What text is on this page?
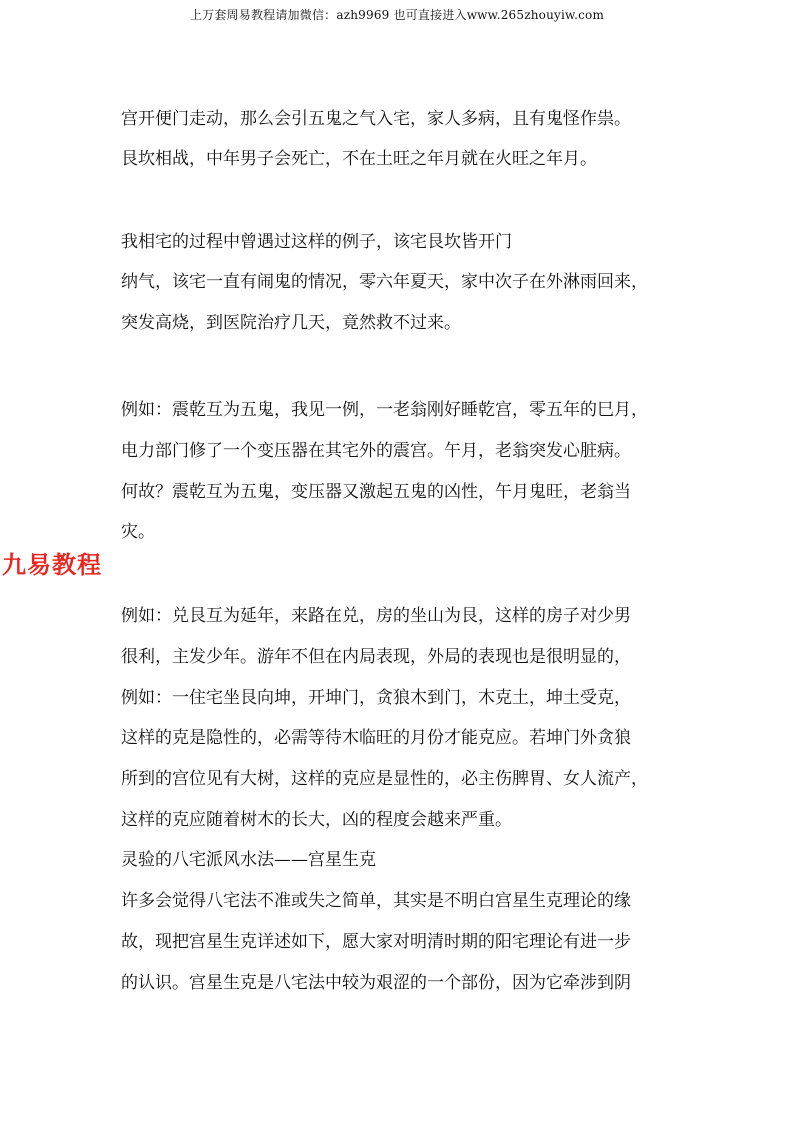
上万套周易教程请加微信：azh9969 也可直接进入www.265zhouyiw.com
九易教程
宫开便门走动，那么会引五鬼之气入宅，家人多病，且有鬼怪作祟。
艮坎相战，中年男子会死亡，不在土旺之年月就在火旺之年月。
我相宅的过程中曾遇过这样的例子，该宅艮坎皆开门
纳气，该宅一直有闹鬼的情况，零六年夏天，家中次子在外淋雨回来，
突发高烧，到医院治疗几天，竟然救不过来。
例如：震乾互为五鬼，我见一例，一老翁刚好睡乾宫，零五年的巳月，
电力部门修了一个变压器在其宅外的震宫。午月，老翁突发心脏病。
何故？震乾互为五鬼，变压器又激起五鬼的凶性，午月鬼旺，老翁当
灾。
例如：兑艮互为延年，来路在兑，房的坐山为艮，这样的房子对少男
很利，主发少年。游年不但在内局表现，外局的表现也是很明显的，
例如：一住宅坐艮向坤，开坤门，贪狼木到门，木克土，坤土受克，
这样的克是隐性的，必需等待木临旺的月份才能克应。若坤门外贪狼
所到的宫位见有大树，这样的克应是显性的，必主伤脾胃、女人流产，
这样的克应随着树木的长大，凶的程度会越来严重。
灵验的八宅派风水法——宫星生克
许多会觉得八宅法不准或失之简单，其实是不明白宫星生克理论的缘
故，现把宫星生克详述如下，愿大家对明清时期的阳宅理论有进一步
的认识。宫星生克是八宅法中较为艰涩的一个部份，因为它牵涉到阴
